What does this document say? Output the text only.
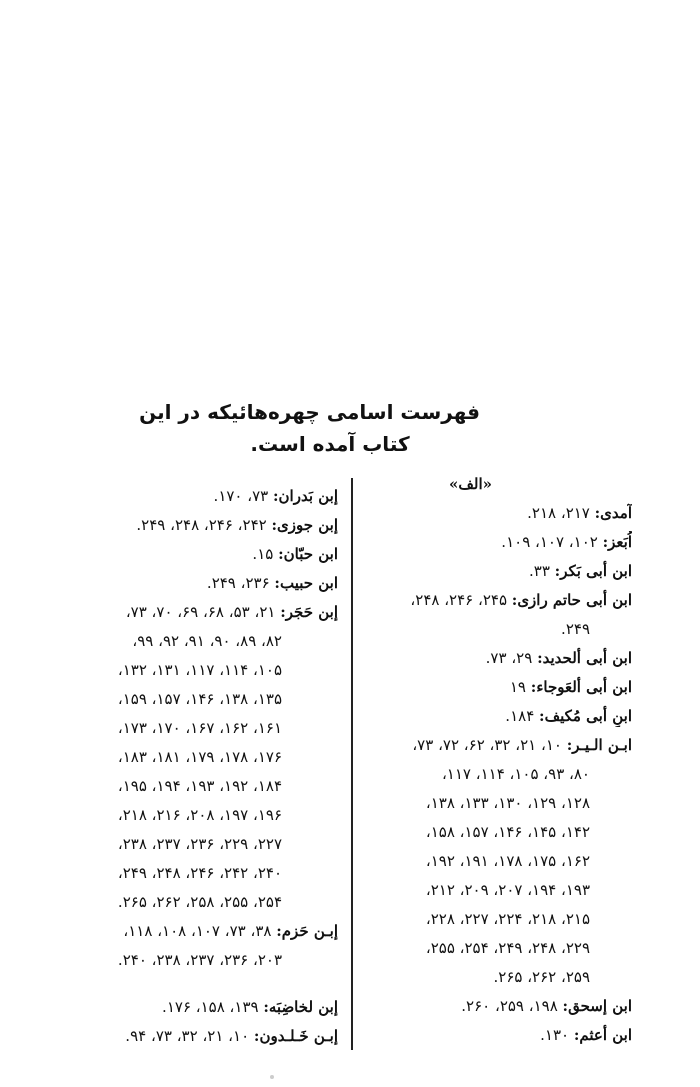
فهرست اسامی چهره‌هائیکه در این
کتاب آمده است.
«الف»
آمدی: ۲۱۷، ۲۱۸.
اُبَعز: ۱۰۲، ۱۰۷، ۱۰۹.
ابن أبی بَکر: ۳۳.
ابن أبی حاتم رازی: ۲۴۵، ۲۴۶، ۲۴۸،
۲۴۹.
ابن أبی ألحدید: ۲۹، ۷۳.
ابن أبی ألعَوجاء: ۱۹
ابنِ أبی مُکیف: ۱۸۴.
ابـن الـیـر: ۱۰، ۲۱، ۳۲، ۶۲، ۷۲، ۷۳،
۸۰، ۹۳، ۱۰۵، ۱۱۴، ۱۱۷،
۱۲۸، ۱۲۹، ۱۳۰، ۱۳۳، ۱۳۸،
۱۴۲، ۱۴۵، ۱۴۶، ۱۵۷، ۱۵۸،
۱۶۲، ۱۷۵، ۱۷۸، ۱۹۱، ۱۹۲،
۱۹۳، ۱۹۴، ۲۰۷، ۲۰۹، ۲۱۲،
۲۱۵، ۲۱۸، ۲۲۴، ۲۲۷، ۲۲۸،
۲۲۹، ۲۴۸، ۲۴۹، ۲۵۴، ۲۵۵،
۲۵۹، ۲۶۲، ۲۶۵.
ابن إسحق: ۱۹۸، ۲۵۹، ۲۶۰.
ابن أعثم: ۱۳۰.
إبن بَدران: ۷۳، ۱۷۰.
إبن جوزی: ۲۴۲، ۲۴۶، ۲۴۸، ۲۴۹.
ابن حبّان: ۱۵.
ابن حبیب: ۲۳۶، ۲۴۹.
إبن حَجَر: ۲۱، ۵۳، ۶۸، ۶۹، ۷۰، ۷۳،
۸۲، ۸۹، ۹۰، ۹۱، ۹۲، ۹۹،
۱۰۵، ۱۱۴، ۱۱۷، ۱۳۱، ۱۳۲،
۱۳۵، ۱۳۸، ۱۴۶، ۱۵۷، ۱۵۹،
۱۶۱، ۱۶۲، ۱۶۷، ۱۷۰، ۱۷۳،
۱۷۶، ۱۷۸، ۱۷۹، ۱۸۱، ۱۸۳،
۱۸۴، ۱۹۲، ۱۹۳، ۱۹۴، ۱۹۵،
۱۹۶، ۱۹۷، ۲۰۸، ۲۱۶، ۲۱۸،
۲۲۷، ۲۲۹، ۲۳۶، ۲۳۷، ۲۳۸،
۲۴۰، ۲۴۲، ۲۴۶، ۲۴۸، ۲۴۹،
۲۵۴، ۲۵۵، ۲۵۸، ۲۶۲، ۲۶۵.
إبـن حَزم: ۳۸، ۷۳، ۱۰۷، ۱۰۸، ۱۱۸،
۲۰۳، ۲۳۶، ۲۳۷، ۲۳۸، ۲۴۰.
إبن لخاضِبَه: ۱۳۹، ۱۵۸، ۱۷۶.
إبـن خَـلـدون: ۱۰، ۲۱، ۳۲، ۷۳، ۹۴.
